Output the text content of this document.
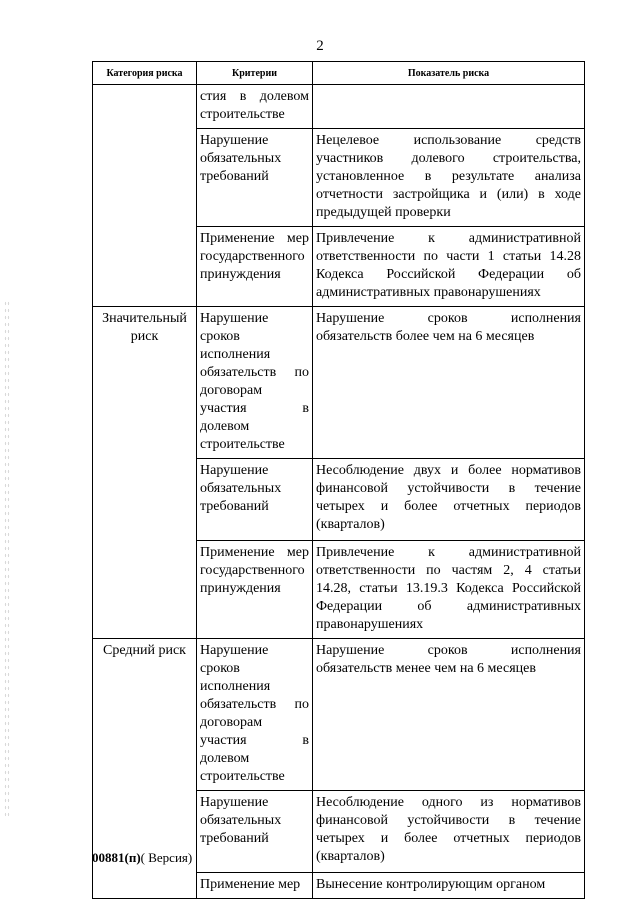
2
Категория риска	Критерии	Показатель риска
	стия в долевом строительстве	
	Нарушение обязательных требований	Нецелевое использование средств участников долевого строительства, установленное в результате анализа отчетности застройщика и (или) в ходе предыдущей проверки
	Применение мер государственного принуждения	Привлечение к административной ответственности по части 1 статьи 14.28 Кодекса Российской Федерации об административных правонарушениях
Значительный риск	Нарушение сроков исполнения обязательств по договорам участия в долевом строительстве	Нарушение сроков исполнения обязательств более чем на 6 месяцев
	Нарушение обязательных требований	Несоблюдение двух и более нормативов финансовой устойчивости в течение четырех и более отчетных периодов (кварталов)
	Применение мер государственного принуждения	Привлечение к административной ответственности по частям 2, 4 статьи 14.28, статьи 13.19.3 Кодекса Российской Федерации об административных правонарушениях
Средний риск	Нарушение сроков исполнения обязательств по договорам участия в долевом строительстве	Нарушение сроков исполнения обязательств менее чем на 6 месяцев
	Нарушение обязательных требований	Несоблюдение одного из нормативов финансовой устойчивости в течение четырех и более отчетных периодов (кварталов)
	Применение мер	Вынесение контролирующим органом
00881(п)( Версия)
